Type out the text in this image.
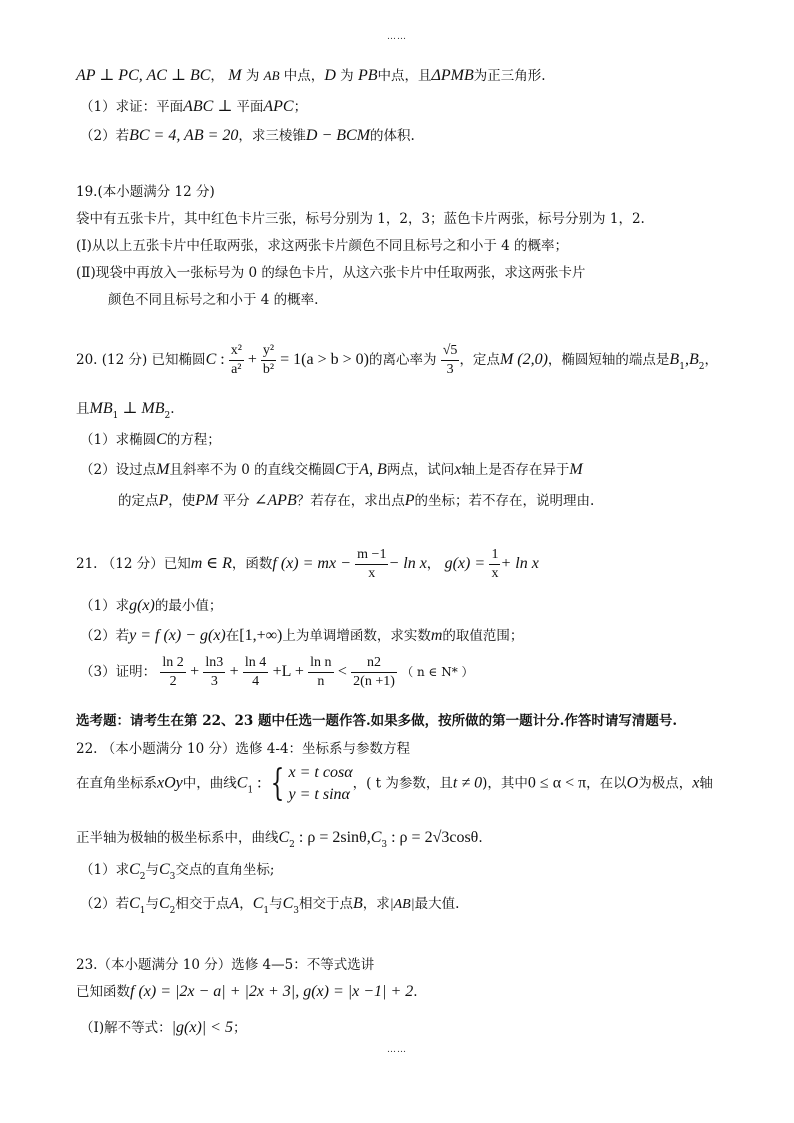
……
AP ⊥ PC, AC ⊥ BC， M 为 AB 中点，D 为 PB中点，且ΔPMB为正三角形.
（1）求证：平面ABC ⊥ 平面APC；
（2）若BC = 4, AB = 20，求三棱锥D − BCM的体积.
19.(本小题满分 12 分)
袋中有五张卡片，其中红色卡片三张，标号分别为 1，2，3；蓝色卡片两张，标号分别为 1，2.
(Ⅰ)从以上五张卡片中任取两张，求这两张卡片颜色不同且标号之和小于 4 的概率；
(Ⅱ)现袋中再放入一张标号为 0 的绿色卡片，从这六张卡片中任取两张，求这两张卡片
颜色不同且标号之和小于 4 的概率.
20. (12 分) 已知椭圆C : $\frac{\text{x²}}{\text{a²}} + \frac{\text{y²}}{\text{b²}} = 1(a > b > 0)$的离心率为 $\frac{√5}{3}$ ，定点M (2,0)，椭圆短轴的端点是$B_1,B_2$，
且$MB_1$ ⊥ $MB_2$.
（1）求椭圆C的方程；
（2）设过点M且斜率不为 0 的直线交椭圆C于A, B两点，试问x轴上是否存在异于M
的定点P，使PM 平分 ∠APB？若存在，求出点P的坐标；若不存在，说明理由.
21. （12 分）已知m ∈ R，函数f (x) = mx − $\frac{m -1}{x} - \ln x$， $g(x) = \frac{1}{x} + \ln x$
（1）求g(x)的最小值；
（2）若y = f (x) − g(x)在[1,+∞)上为单调增函数，求实数m的取值范围；
（3）证明： $\frac{\ln 2}{2} + \frac{\ln 3}{3} + \frac{\ln 4}{4} +L + \frac{\text{ln n}}{n} < \frac{n2}{2(n +1)}$ （ n ∈ N* ）
选考题：请考生在第 22、23 题中任选一题作答.如果多做，按所做的第一题计分.作答时请写清题号.
22. （本小题满分 10 分）选修 4-4：坐标系与参数方程
在直角坐标系xOy中，曲线$C_1$ : { x = t cosα
y = t sinα
，( t 为参数，且t ≠ 0)，其中0 ≤ α < π，在以O为极点，x轴
正半轴为极轴的极坐标系中，曲线$C_2$ : $\rho = 2\sin\theta,C_3$ : ρ = 2√3cosθ.
（1）求$C_2$与$C_3$交点的直角坐标;
（2）若$C_1$与$C_2$相交于点A，$C_1$与$C_3$相交于点B，求|AB|最大值.
23.（本小题满分 10 分）选修 4—5：不等式选讲
已知函数f (x) = |2x − a| + |2x + 3|, g(x) = |x −1| + 2.
（Ⅰ)解不等式：|g(x)| < 5；
……
